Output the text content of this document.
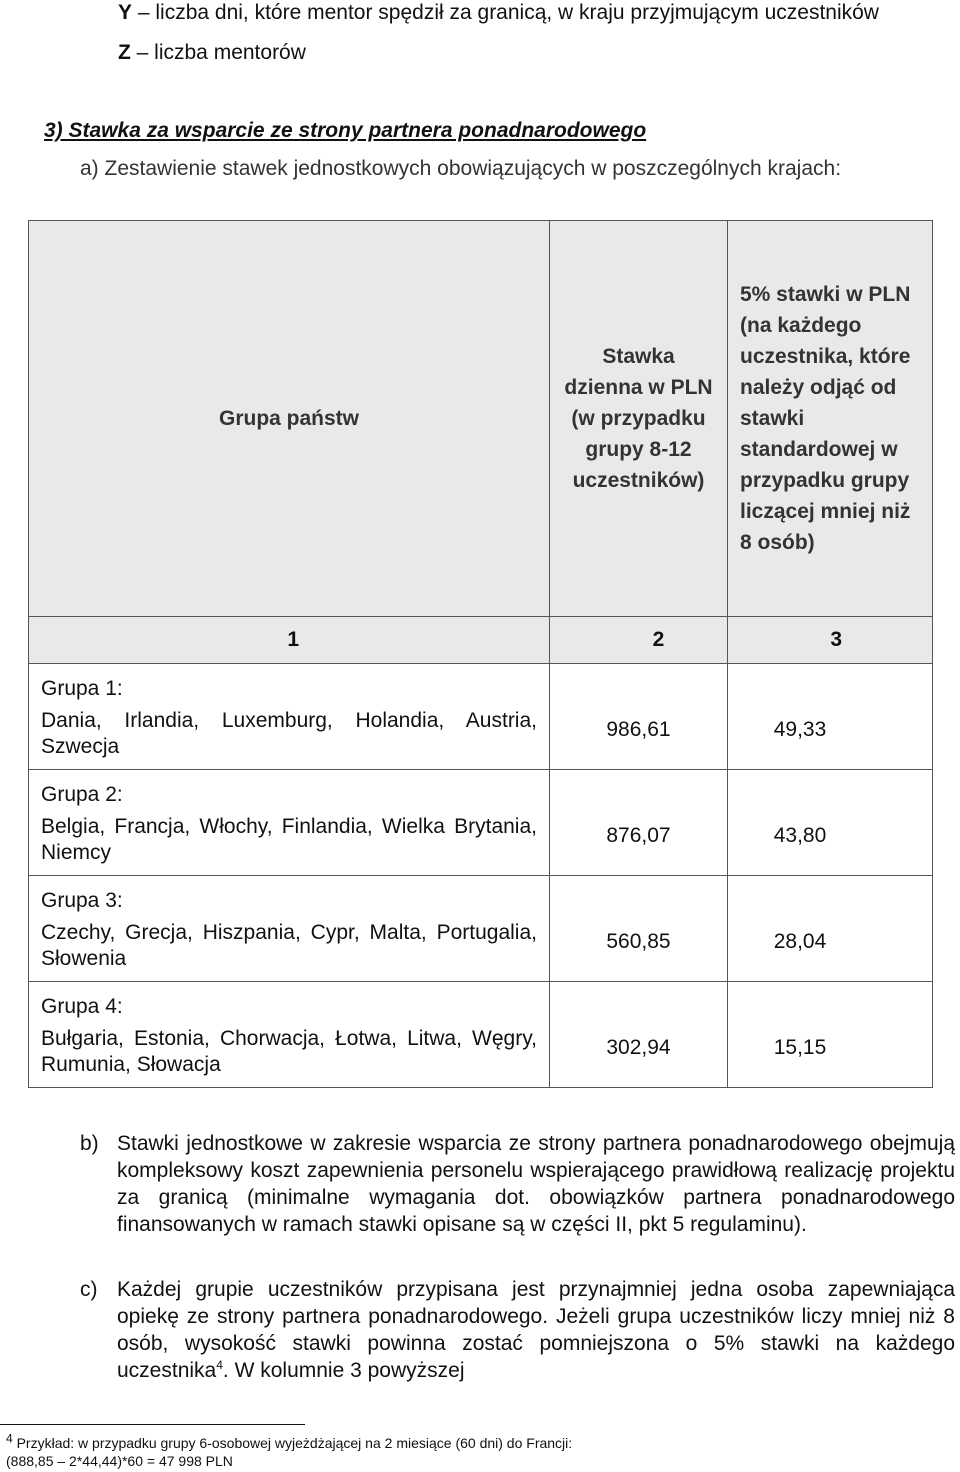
Y – liczba dni, które mentor spędził za granicą, w kraju przyjmującym uczestników
Z – liczba mentorów
3) Stawka za wsparcie ze strony partnera ponadnarodowego
a) Zestawienie stawek jednostkowych obowiązujących w poszczególnych krajach:
Grupa państw	Stawka dzienna w PLN (w przypadku grupy 8-12 uczestników)	5% stawki w PLN (na każdego uczestnika, które należy odjąć od stawki standardowej w przypadku grupy liczącej mniej niż 8 osób)
1	2	3

Grupa 1:
Dania, Irlandia, Luxemburg, Holandia, Austria, Szwecja	986,61	49,33

Grupa 2:
Belgia, Francja, Włochy, Finlandia, Wielka Brytania, Niemcy	876,07	43,80

Grupa 3:
Czechy, Grecja, Hiszpania, Cypr, Malta, Portugalia, Słowenia	560,85	28,04

Grupa 4:
Bułgaria, Estonia, Chorwacja, Łotwa, Litwa, Węgry, Rumunia, Słowacja	302,94	15,15
b) Stawki jednostkowe w zakresie wsparcia ze strony partnera ponadnarodowego obejmują kompleksowy koszt zapewnienia personelu wspierającego prawidłową realizację projektu za granicą (minimalne wymagania dot. obowiązków partnera ponadnarodowego finansowanych w ramach stawki opisane są w części II, pkt 5 regulaminu).
c) Każdej grupie uczestników przypisana jest przynajmniej jedna osoba zapewniająca opiekę ze strony partnera ponadnarodowego. Jeżeli grupa uczestników liczy mniej niż 8 osób, wysokość stawki powinna zostać pomniejszona o 5% stawki na każdego uczestnika$^4$. W kolumnie 3 powyższej
$^4$ Przykład: w przypadku grupy 6-osobowej wyjeżdżającej na 2 miesiące (60 dni) do Francji:
(888,85 – 2*44,44)*60 = 47 998 PLN
